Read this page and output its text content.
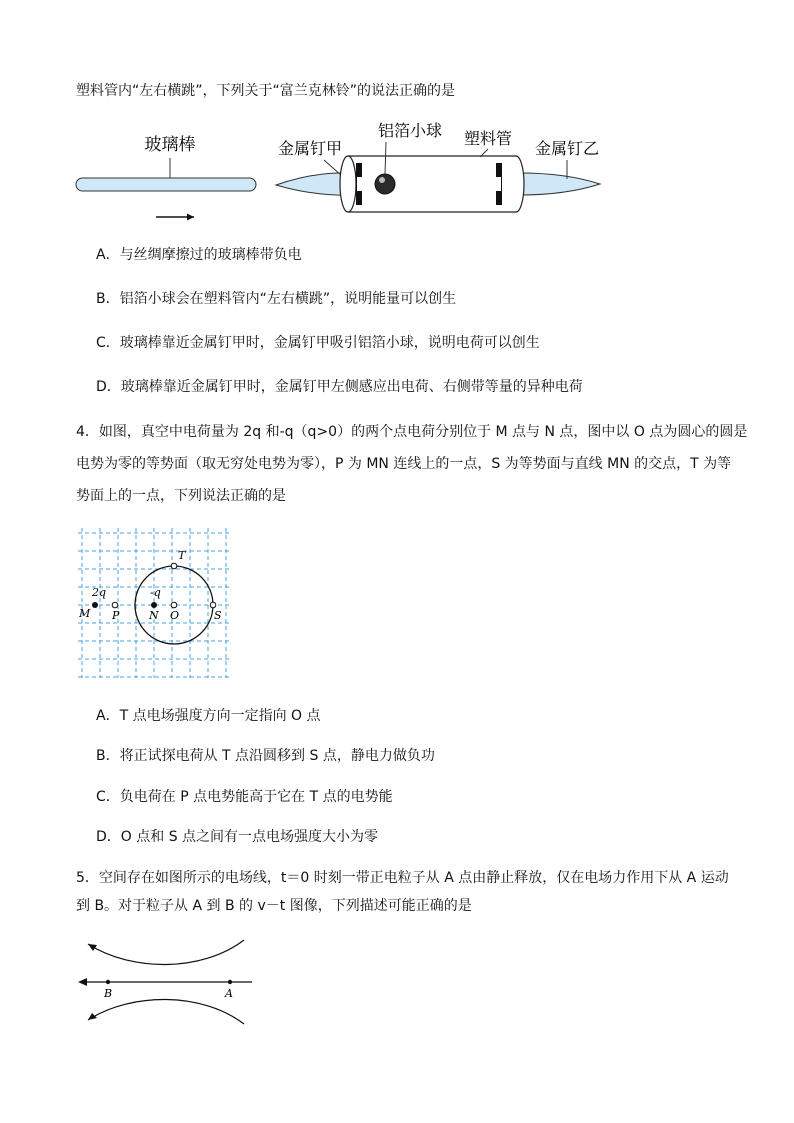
塑料管内“左右横跳”，下列关于“富兰克林铃”的说法正确的是
玻璃棒	金属钉甲	金属钉乙
塑料管
铝箔小球
A．与丝绸摩擦过的玻璃棒带负电
B．铝箔小球会在塑料管内“左右横跳”，说明能量可以创生
C．玻璃棒靠近金属钉甲时，金属钉甲吸引铝箔小球，说明电荷可以创生
D．玻璃棒靠近金属钉甲时，金属钉甲左侧感应出电荷、右侧带等量的异种电荷
4．如图，真空中电荷量为 2q 和-q（q>0）的两个点电荷分别位于 M 点与 N 点，图中以 O 点为圆心的圆是
电势为零的等势面（取无穷处电势为零），P 为 MN 连线上的一点，S 为等势面与直线 MN 的交点，T 为等
势面上的一点，下列说法正确的是
T
2q	-q
M P	N O	S
A．T 点电场强度方向一定指向 O 点
B．将正试探电荷从 T 点沿圆移到 S 点，静电力做负功
C．负电荷在 P 点电势能高于它在 T 点的电势能
D．O 点和 S 点之间有一点电场强度大小为零
5．空间存在如图所示的电场线，t＝0 时刻一带正电粒子从 A 点由静止释放，仅在电场力作用下从 A 运动
到 B。对于粒子从 A 到 B 的 v－t 图像，下列描述可能正确的是
B	A
